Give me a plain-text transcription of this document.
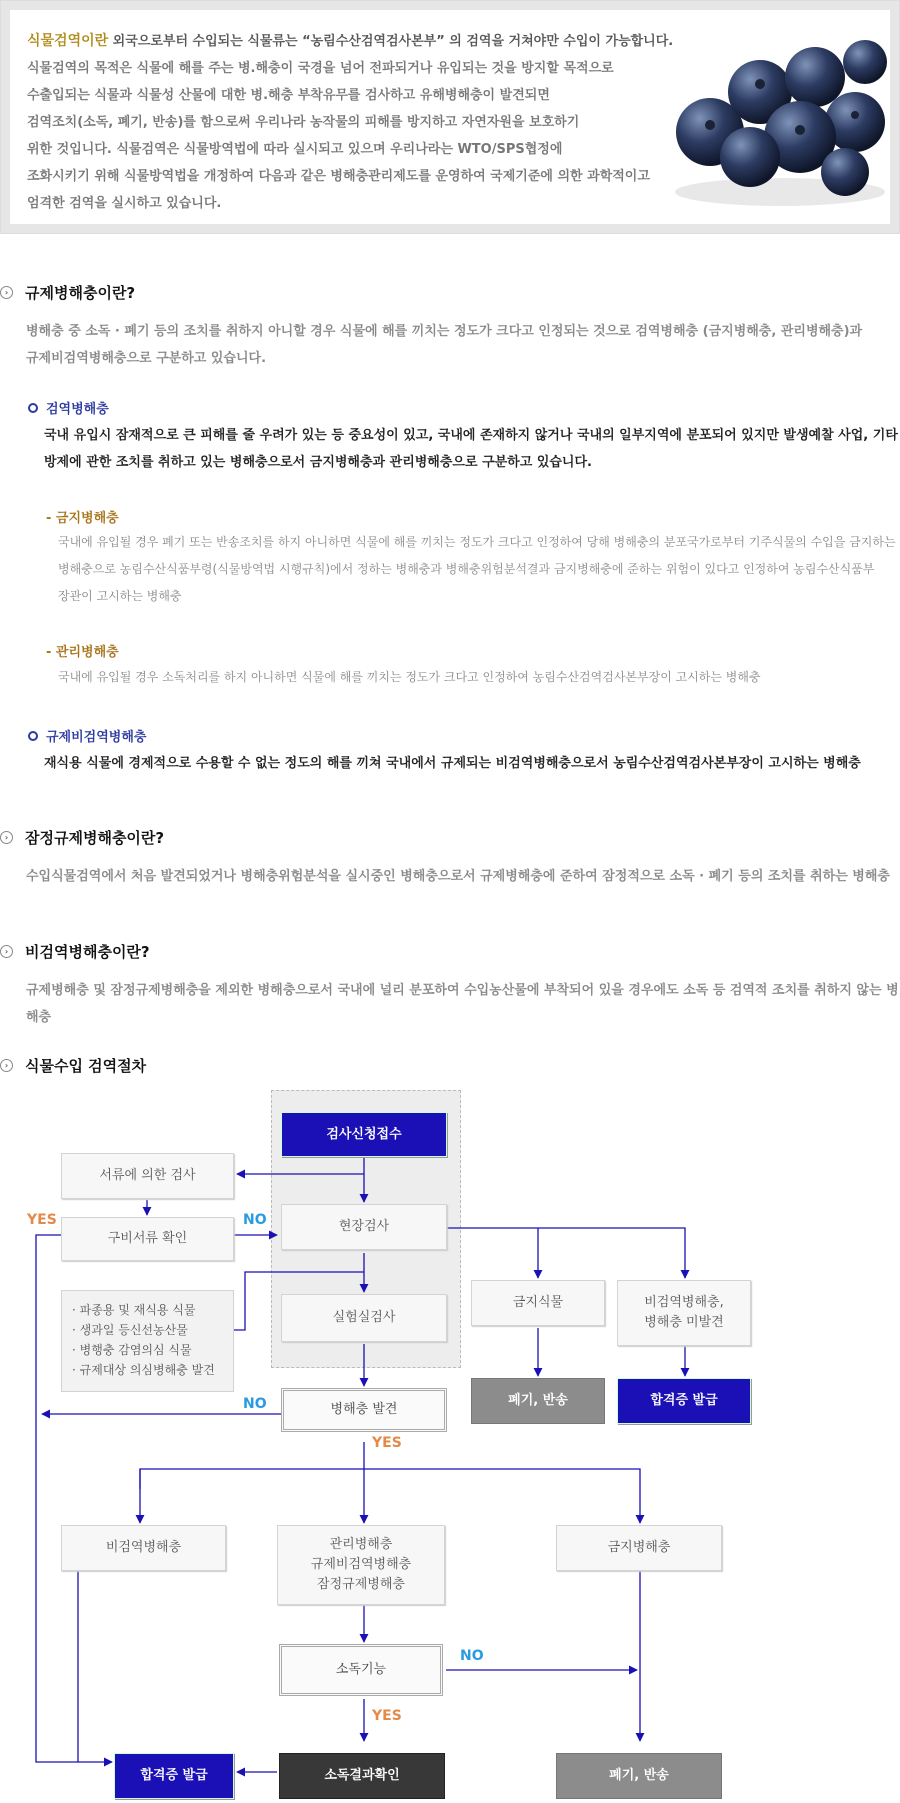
식물검역이란 외국으로부터 수입되는 식물류는 “농림수산검역검사본부” 의 검역을 거쳐야만 수입이 가능합니다.
식물검역의 목적은 식물에 해를 주는 병.해충이 국경을 넘어 전파되거나 유입되는 것을 방지할 목적으로
수출입되는 식물과 식물성 산물에 대한 병.해충 부착유무를 검사하고 유해병해충이 발견되면
검역조치(소독, 폐기, 반송)를 함으로써 우리나라 농작물의 피해를 방지하고 자연자원을 보호하기
위한 것입니다. 식물검역은 식물방역법에 따라 실시되고 있으며 우리나라는 WTO/SPS협정에
조화시키기 위해 식물방역법을 개정하여 다음과 같은 병해충관리제도를 운영하여 국제기준에 의한 과학적이고
엄격한 검역을 실시하고 있습니다.
›	규제병해충이란?
병해충 중 소독 · 폐기 등의 조치를 취하지 아니할 경우 식물에 해를 끼치는 정도가 크다고 인정되는 것으로 검역병해충 (금지병해충, 관리병해충)과
규제비검역병해충으로 구분하고 있습니다.
검역병해충
국내 유입시 잠재적으로 큰 피해를 줄 우려가 있는 등 중요성이 있고, 국내에 존재하지 않거나 국내의 일부지역에 분포되어 있지만 발생예찰 사업, 기타
방제에 관한 조치를 취하고 있는 병해충으로서 금지병해충과 관리병해충으로 구분하고 있습니다.
- 금지병해충
국내에 유입될 경우 폐기 또는 반송조치를 하지 아니하면 식물에 해를 끼치는 정도가 크다고 인정하여 당해 병해충의 분포국가로부터 기주식물의 수입을 금지하는
병해충으로 농림수산식품부령(식물방역법 시행규칙)에서 정하는 병해충과 병해충위험분석결과 금지병해충에 준하는 위험이 있다고 인정하여 농림수산식품부
장관이 고시하는 병해충
- 관리병해충
국내에 유입될 경우 소독처리를 하지 아니하면 식물에 해를 끼치는 정도가 크다고 인정하여 농림수산검역검사본부장이 고시하는 병해충
규제비검역병해충
재식용 식물에 경제적으로 수용할 수 없는 정도의 해를 끼쳐 국내에서 규제되는 비검역병해충으로서 농림수산검역검사본부장이 고시하는 병해충
›	잠정규제병해충이란?
수입식물검역에서 처음 발견되었거나 병해충위험분석을 실시중인 병해충으로서 규제병해충에 준하여 잠정적으로 소독 · 폐기 등의 조치를 취하는 병해충
›	비검역병해충이란?
규제병해충 및 잠정규제병해충을 제외한 병해충으로서 국내에 널리 분포하여 수입농산물에 부착되어 있을 경우에도 소독 등 검역적 조치를 취하지 않는 병해충
›	식물수입 검역절차
검사신청접수
서류에 의한 검사
구비서류 확인
현장검사
실험실검사
· 파종용 및 재식용 식물
· 생과일 등신선농산물
· 병행충 감염의심 식물
· 규제대상 의심병해충 발견
금지식물	비검역병해충,
병해충 미발견
폐기, 반송	합격증 발급
병해충 발견
비검역병해충	관리병해충
규제비검역병해충
잠정규제병해충
금지병해충
소독기능
합격증 발급	소독결과확인	폐기, 반송
YES	NO
NO
YES
NO
YES
